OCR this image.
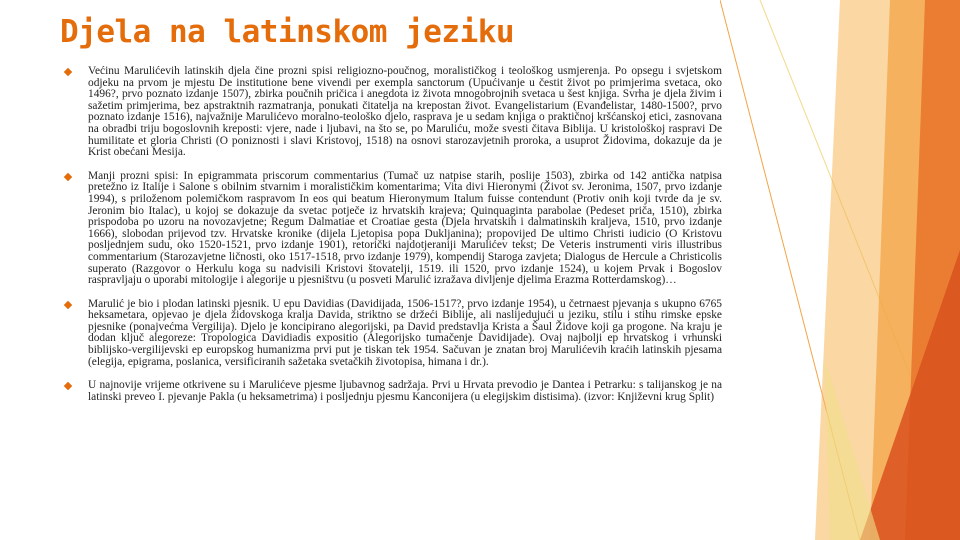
Djela na latinskom jeziku
Većinu Marulićevih latinskih djela čine prozni spisi religiozno-poučnog, moralističkog i teološkog usmjerenja. Po opsegu i svjetskom odjeku na prvom je mjestu De institutione bene vivendi per exempla sanctorum (Upućivanje u čestit život po primjerima svetaca, oko 1496?, prvo poznato izdanje 1507), zbirka poučnih pričica i anegdota iz života mnogobrojnih svetaca u šest knjiga. Svrha je djela živim i sažetim primjerima, bez apstraktnih razmatranja, ponukati čitatelja na krepostan život. Evangelistarium (Evanđelistar, 1480-1500?, prvo poznato izdanje 1516), najvažnije Marulićevo moralno-teološko djelo, rasprava je u sedam knjiga o praktičnoj kršćanskoj etici, zasnovana na obradbi triju bogoslovnih kreposti: vjere, nade i ljubavi, na što se, po Maruliću, može svesti čitava Biblija. U kristološkoj raspravi De humilitate et gloria Christi (O poniznosti i slavi Kristovoj, 1518) na osnovi starozavjetnih proroka, a usuprot Židovima, dokazuje da je Krist obećani Mesija.
Manji prozni spisi: In epigrammata priscorum commentarius (Tumač uz natpise starih, poslije 1503), zbirka od 142 antička natpisa pretežno iz Italije i Salone s obilnim stvarnim i moralističkim komentarima; Vita divi Hieronymi (Život sv. Jeronima, 1507, prvo izdanje 1994), s priloženom polemičkom raspravom In eos qui beatum Hieronymum Italum fuisse contendunt (Protiv onih koji tvrde da je sv. Jeronim bio Italac), u kojoj se dokazuje da svetac potječe iz hrvatskih krajeva; Quinquaginta parabolae (Pedeset priča, 1510), zbirka prispodoba po uzoru na novozavjetne; Regum Dalmatiae et Croatiae gesta (Djela hrvatskih i dalmatinskih kraljeva, 1510, prvo izdanje 1666), slobodan prijevod tzv. Hrvatske kronike (dijela Ljetopisa popa Dukljanina); propovijed De ultimo Christi iudicio (O Kristovu posljednjem sudu, oko 1520-1521, prvo izdanje 1901), retorički najdotjeraniji Marulićev tekst; De Veteris instrumenti viris illustribus commentarium (Starozavjetne ličnosti, oko 1517-1518, prvo izdanje 1979), kompendij Staroga zavjeta; Dialogus de Hercule a Christicolis superato (Razgovor o Herkulu koga su nadvisili Kristovi štovatelji, 1519. ili 1520, prvo izdanje 1524), u kojem Prvak i Bogoslov raspravljaju o uporabi mitologije i alegorije u pjesništvu (u posveti Marulić izražava divljenje djelima Erazma Rotterdamskog)…
Marulić je bio i plodan latinski pjesnik. U epu Davidias (Davidijada, 1506-1517?, prvo izdanje 1954), u četrnaest pjevanja s ukupno 6765 heksametara, opjevao je djela židovskoga kralja Davida, striktno se držeći Biblije, ali naslijedujući u jeziku, stilu i stihu rimske epske pjesnike (ponajvećma Vergilija). Djelo je koncipirano alegorijski, pa David predstavlja Krista a Šaul Židove koji ga progone. Na kraju je dodan ključ alegoreze: Tropologica Davidiadis expositio (Alegorijsko tumačenje Davidijade). Ovaj najbolji ep hrvatskog i vrhunski biblijsko-vergilijevski ep europskog humanizma prvi put je tiskan tek 1954. Sačuvan je znatan broj Marulićevih kraćih latinskih pjesama (elegija, epigrama, poslanica, versificiranih sažetaka svetačkih životopisa, himana i dr.).
U najnovije vrijeme otkrivene su i Marulićeve pjesme ljubavnog sadržaja. Prvi u Hrvata prevodio je Dantea i Petrarku: s talijanskog je na latinski preveo I. pjevanje Pakla (u heksametrima) i posljednju pjesmu Kanconijera (u elegijskim distisima). (izvor: Književni krug Split)
